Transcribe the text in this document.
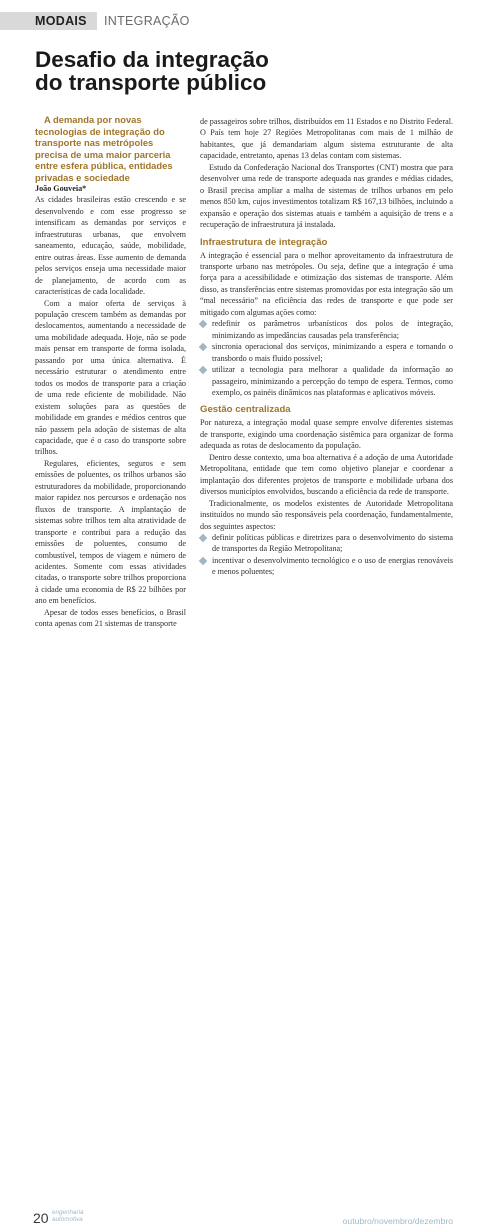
MODAIS INTEGRAÇÃO
Desafio da integração
do transporte público

A demanda por novas tecnologias de integração do transporte nas metrópoles precisa de uma maior parceria entre esfera pública, entidades privadas e sociedade

João Gouveia*

As cidades brasileiras estão crescendo e se desenvolvendo e com esse progresso se intensificam as demandas por serviços e infraestruturas urbanas, que envolvem saneamento, educação, saúde, mobilidade, entre outras áreas. Esse aumento de demanda pelos serviços enseja uma necessidade maior de planejamento, de acordo com as características de cada localidade.

Com a maior oferta de serviços à população crescem também as demandas por deslocamentos, aumentando a necessidade de uma mobilidade adequada. Hoje, não se pode mais pensar em transporte de forma isolada, passando por uma única alternativa. É necessário estruturar o atendimento entre todos os modos de transporte para a criação de uma rede eficiente de mobilidade. Não existem soluções para as questões de mobilidade em grandes e médios centros que não passem pela adoção de sistemas de alta capacidade, que é o caso do transporte sobre trilhos.

Regulares, eficientes, seguros e sem emissões de poluentes, os trilhos urbanos são estruturadores da mobilidade, proporcionando maior rapidez nos percursos e ordenação nos fluxos de transporte. A implantação de sistemas sobre trilhos tem alta atratividade de transporte e contribui para a redução das emissões de poluentes, consumo de combustível, tempos de viagem e número de acidentes. Somente com essas atividades citadas, o transporte sobre trilhos proporciona à cidade uma economia de R$ 22 bilhões por ano em benefícios.

Apesar de todos esses benefícios, o Brasil conta apenas com 21 sistemas de transporte

de passageiros sobre trilhos, distribuídos em 11 Estados e no Distrito Federal. O País tem hoje 27 Regiões Metropolitanas com mais de 1 milhão de habitantes, que já demandariam algum sistema estruturante de alta capacidade, entretanto, apenas 13 delas contam com sistemas.

Estudo da Confederação Nacional dos Transportes (CNT) mostra que para desenvolver uma rede de transporte adequada nas grandes e médias cidades, o Brasil precisa ampliar a malha de sistemas de trilhos urbanos em pelo menos 850 km, cujos investimentos totalizam R$ 167,13 bilhões, incluindo a expansão e operação dos sistemas atuais e também a aquisição de trens e a recuperação de infraestrutura já instalada.

Infraestrutura de integração

A integração é essencial para o melhor aproveitamento da infraestrutura de transporte urbano nas metrópoles. Ou seja, define que a integração é uma força para a acessibilidade e otimização dos sistemas de transporte. Além disso, as transferências entre sistemas promovidas por esta integração são um “mal necessário” na eficiência das redes de transporte e que pode ser mitigado com algumas ações como:

redefinir os parâmetros urbanísticos dos polos de integração, minimizando as impedâncias causadas pela transferência;
sincronia operacional dos serviços, minimizando a espera e tornando o transbordo o mais fluido possível;
utilizar a tecnologia para melhorar a qualidade da informação ao passageiro, minimizando a percepção do tempo de espera. Termos, como exemplo, os painéis dinâmicos nas plataformas e aplicativos móveis.
Gestão centralizada

Por natureza, a integração modal quase sempre envolve diferentes sistemas de transporte, exigindo uma coordenação sistêmica para organizar de forma adequada as rotas de deslocamento da população.

Dentro desse contexto, uma boa alternativa é a adoção de uma Autoridade Metropolitana, entidade que tem como objetivo planejar e coordenar a implantação dos diferentes projetos de transporte e mobilidade urbana dos diversos municípios envolvidos, buscando a eficiência da rede de transporte.

Tradicionalmente, os modelos existentes de Autoridade Metropolitana instituídos no mundo são responsáveis pela coordenação, fundamentalmente, dos seguintes aspectos:

definir políticas públicas e diretrizes para o desenvolvimento do sistema de transportes da Região Metropolitana;
incentivar o desenvolvimento tecnológico e o uso de energias renováveis e menos poluentes;
20 engenharia
automotiva	outubro/novembro/dezembro
